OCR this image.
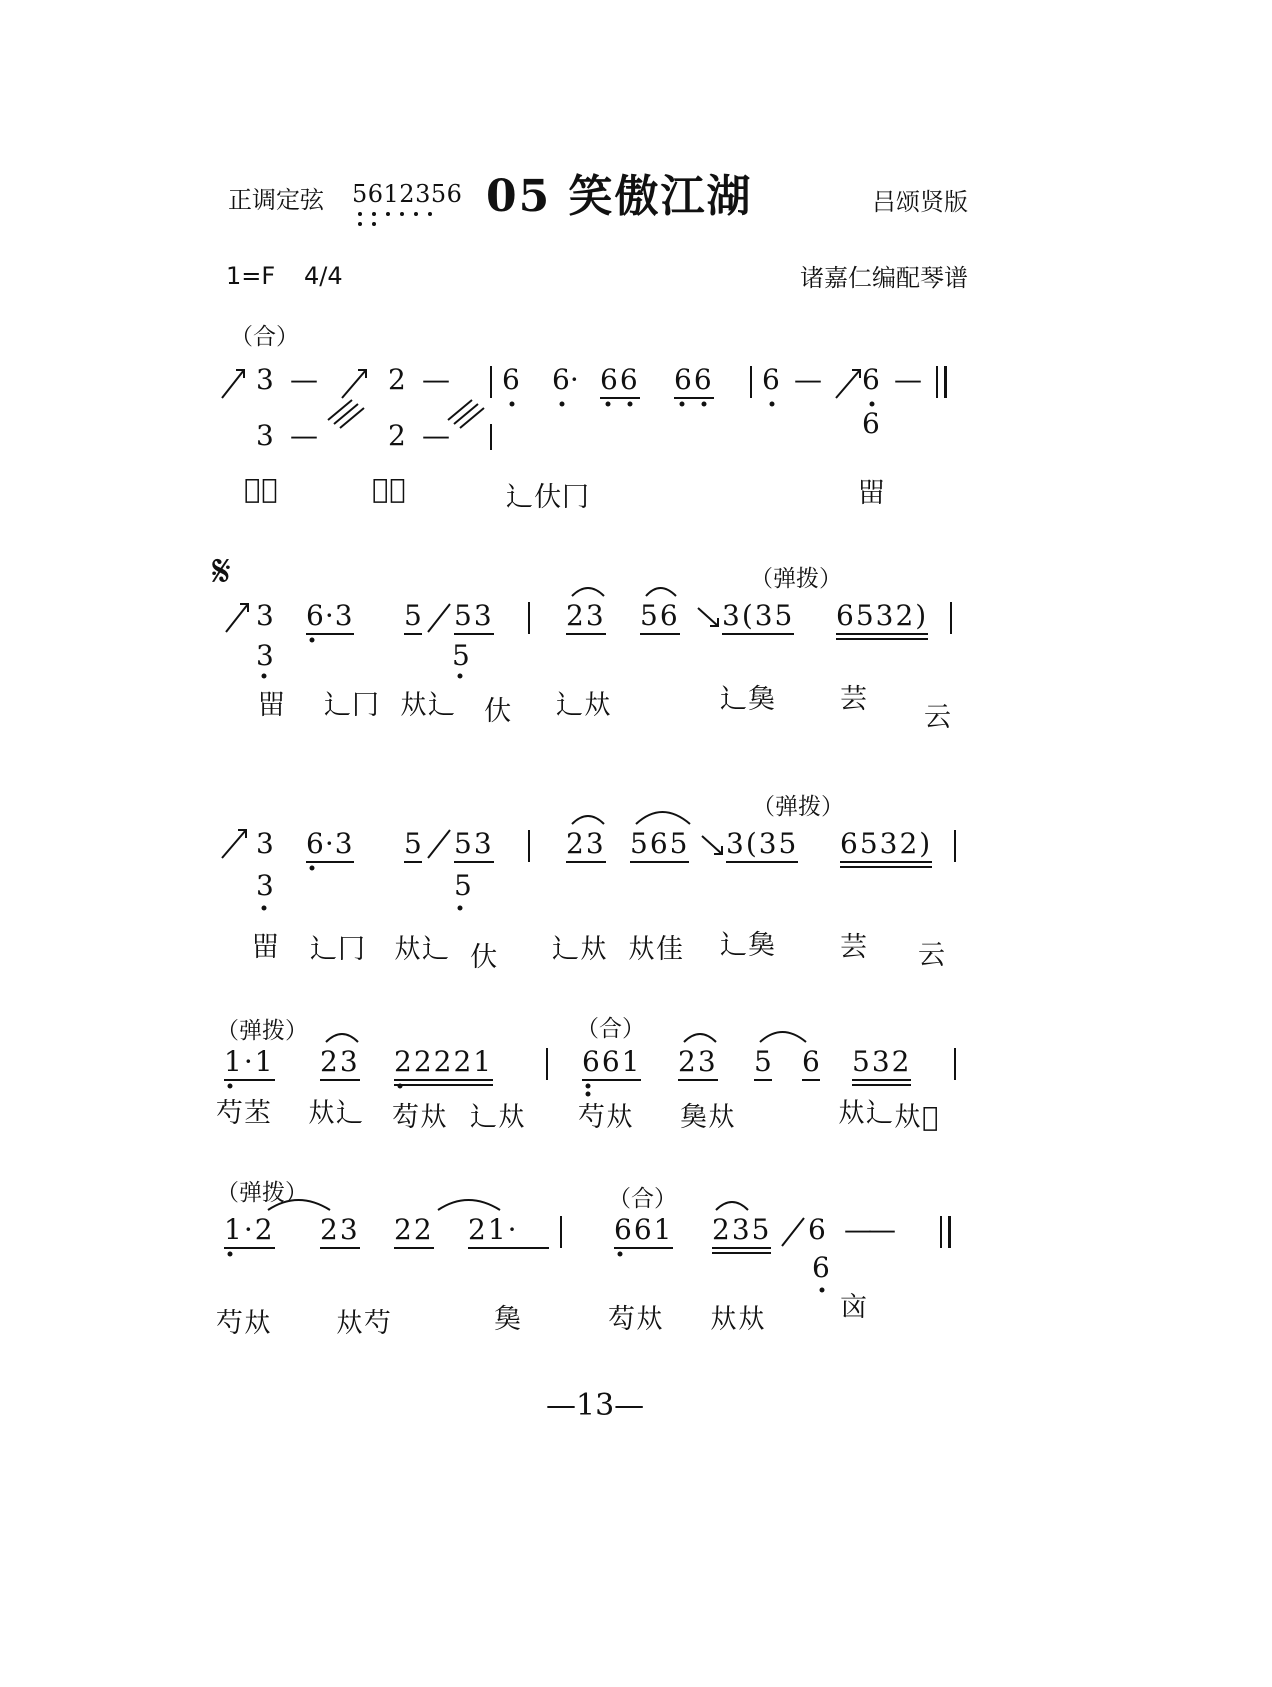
正调定弦 5612356 05 笑傲江湖	吕颂贤版
1=F 4/4	诸嘉仁编配琴谱
（合）
3 —	2 — 6 6· 66 66 6 — 6 —
3 —	2 —	6
𢎰苫	𢎰莕	辶㐲冂	㽞
𝄋	（弹拨）
3 6·3 5 53	23 56 3(35 6532)
3	5
㽞 辶冂 夶辶 㐲 辶夶	辶㚟 芸
云
（弹拨）
3 6·3 5 53	23 565 3(35 6532)
3	5
㽞 辶冂 夶辶 㐲 辶夶 夶佳 辶㚟 芸 云
（弹拨）	（合）
1·1 23 22221	661 23 5 6 532
芍苤 夶辶 芶夶 辶夶 芍夶 㚟夶	夶辶 夶𢎰
（弹拨）	（合）
1·2 23 22 21·	661 235 6 ——
6
芍夶 夶芍	㚟	芶夶 夶夶	㐫
—13—
